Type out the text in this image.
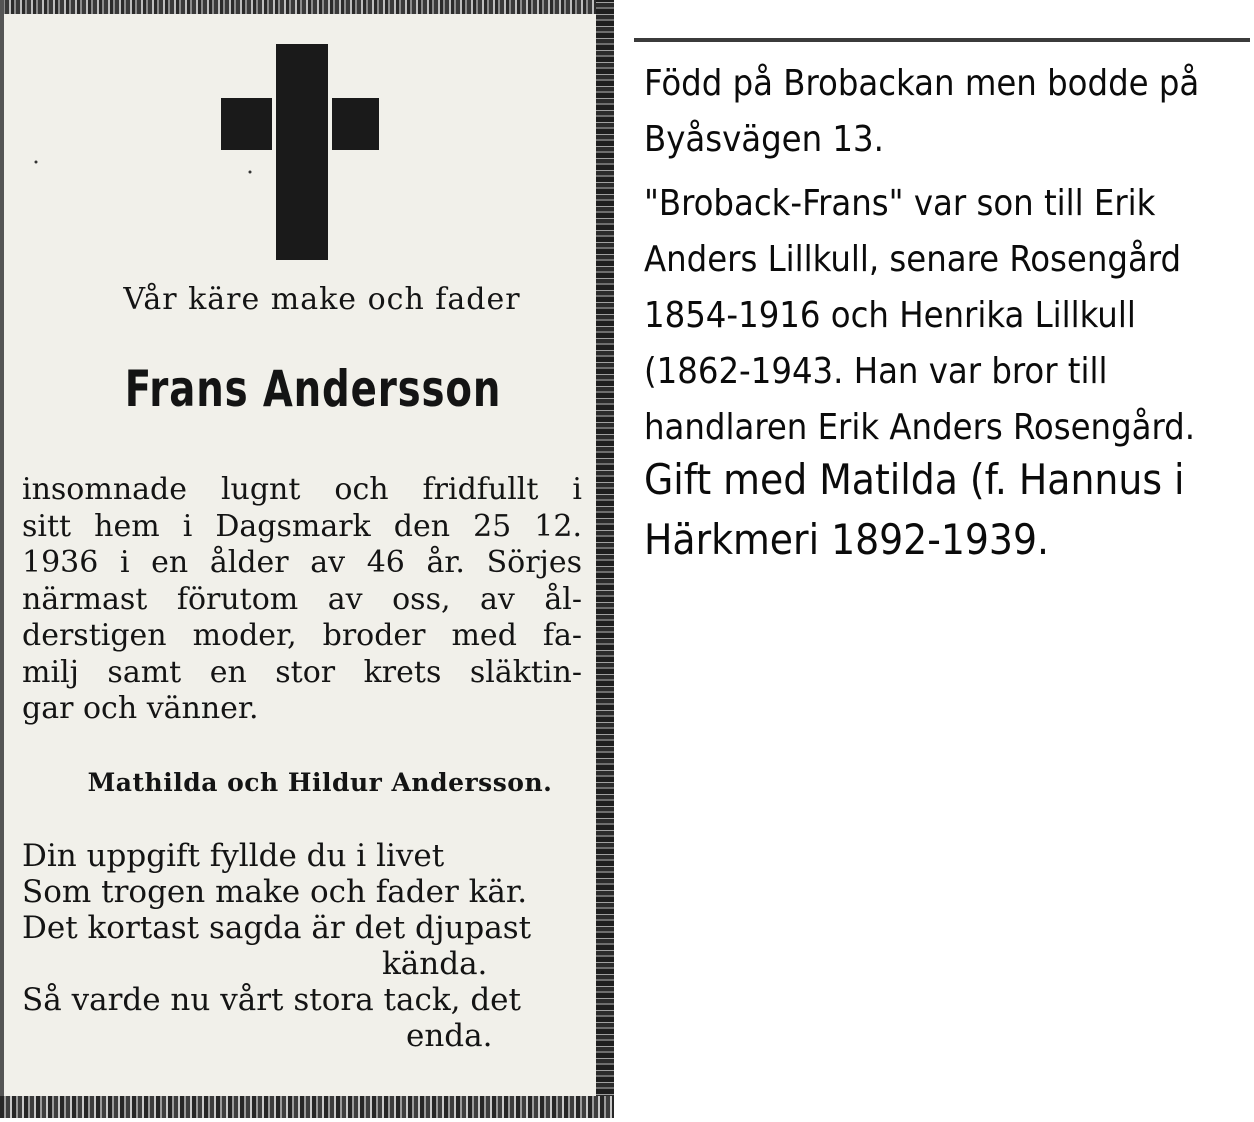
Vår käre make och fader

Frans Andersson

insomnade lugnt och fridfullt i
sitt hem i Dagsmark den 25 12.
1936 i en ålder av 46 år. Sörjes
närmast förutom av oss, av ål-
derstigen moder, broder med fa-
milj samt en stor krets släktin-
gar och vänner.

Mathilda och Hildur Andersson.

Din uppgift fyllde du i livet
Som trogen make och fader kär.
Det kortast sagda är det djupast
kända.
Så varde nu vårt stora tack, det
enda.

Född på Brobackan men bodde på Byåsvägen 13.

"Broback-Frans" var son till Erik Anders Lillkull, senare Rosengård 1854-1916 och Henrika Lillkull (1862-1943. Han var bror till handlaren Erik Anders Rosengård.

Gift med Matilda (f. Hannus i Härkmeri 1892-1939.
